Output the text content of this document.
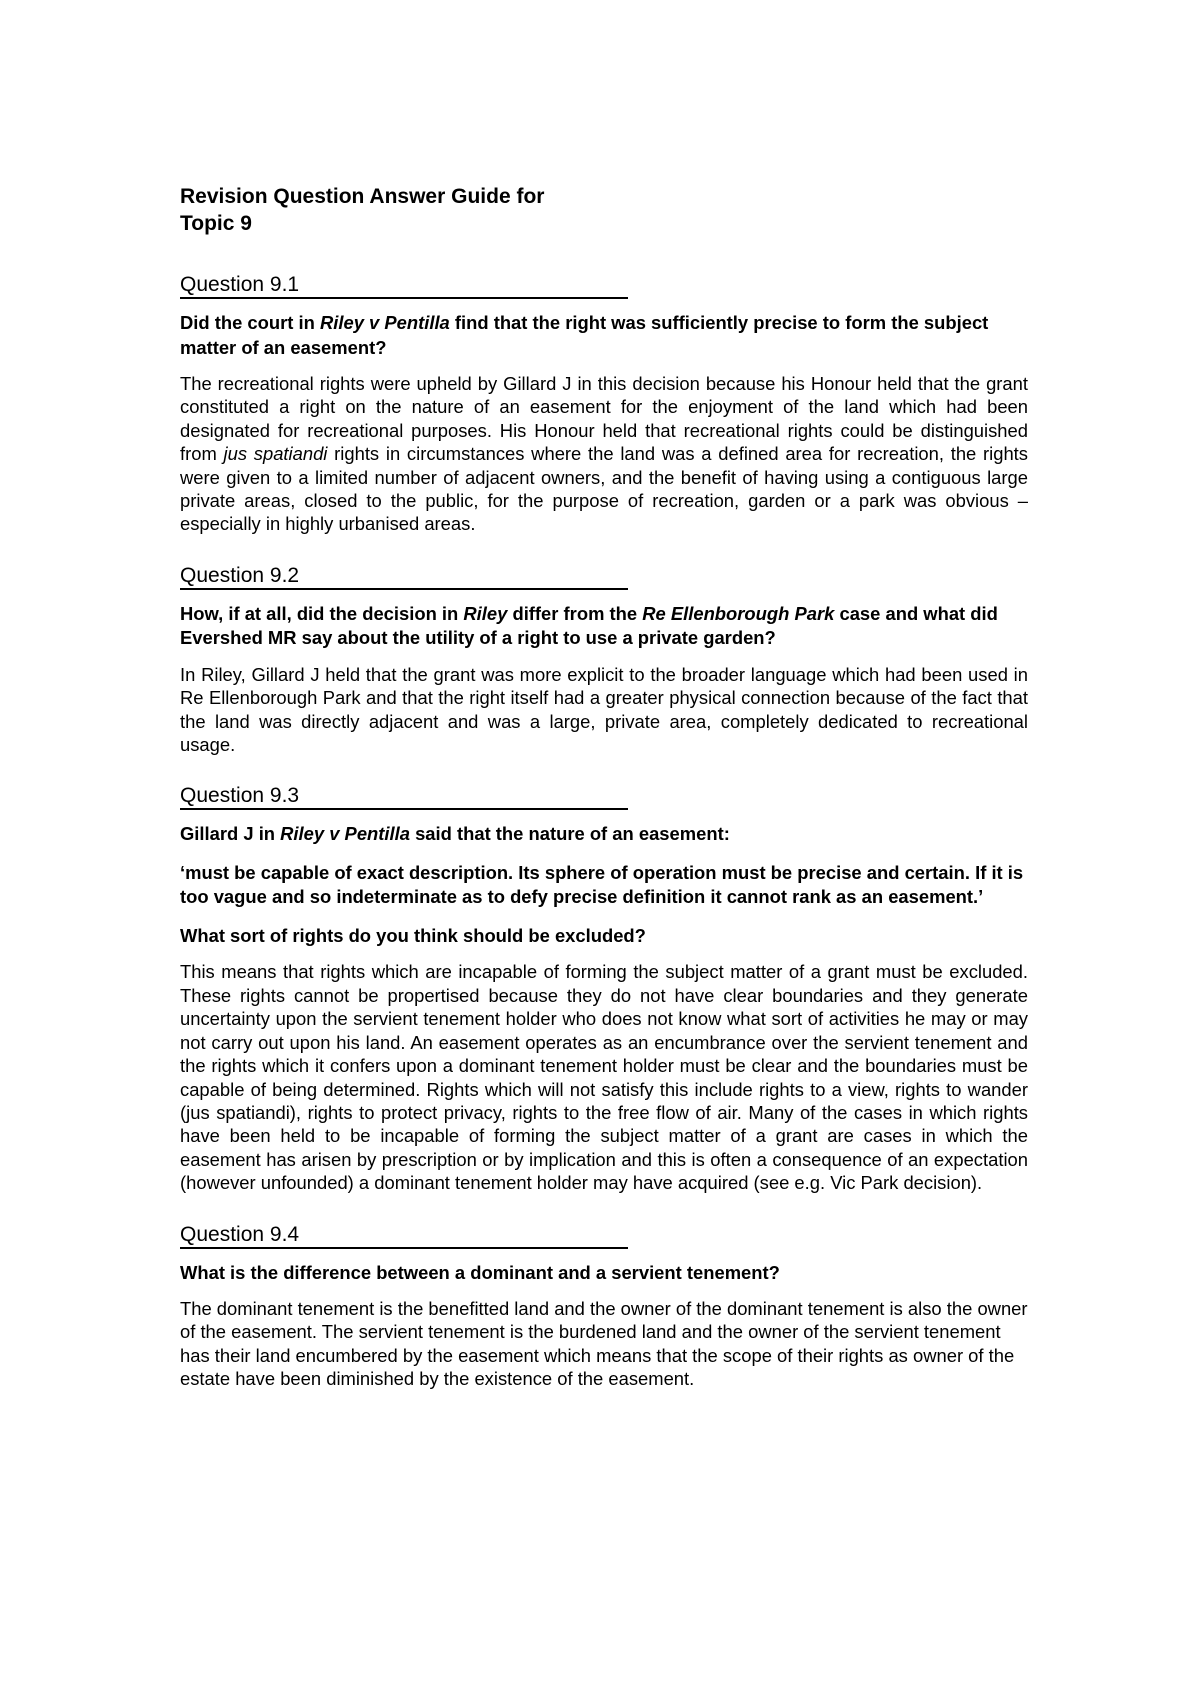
Revision Question Answer Guide for
Topic 9
Question 9.1
Did the court in Riley v Pentilla find that the right was sufficiently precise to form the subject matter of an easement?
The recreational rights were upheld by Gillard J in this decision because his Honour held that the grant constituted a right on the nature of an easement for the enjoyment of the land which had been designated for recreational purposes. His Honour held that recreational rights could be distinguished from jus spatiandi rights in circumstances where the land was a defined area for recreation, the rights were given to a limited number of adjacent owners, and the benefit of having using a contiguous large private areas, closed to the public, for the purpose of recreation, garden or a park was obvious – especially in highly urbanised areas.
Question 9.2
How, if at all, did the decision in Riley differ from the Re Ellenborough Park case and what did Evershed MR say about the utility of a right to use a private garden?
In Riley, Gillard J held that the grant was more explicit to the broader language which had been used in Re Ellenborough Park and that the right itself had a greater physical connection because of the fact that the land was directly adjacent and was a large, private area, completely dedicated to recreational usage.
Question 9.3
Gillard J in Riley v Pentilla said that the nature of an easement:
‘must be capable of exact description. Its sphere of operation must be precise and certain. If it is too vague and so indeterminate as to defy precise definition it cannot rank as an easement.’
What sort of rights do you think should be excluded?
This means that rights which are incapable of forming the subject matter of a grant must be excluded. These rights cannot be propertised because they do not have clear boundaries and they generate uncertainty upon the servient tenement holder who does not know what sort of activities he may or may not carry out upon his land. An easement operates as an encumbrance over the servient tenement and the rights which it confers upon a dominant tenement holder must be clear and the boundaries must be capable of being determined. Rights which will not satisfy this include rights to a view, rights to wander (jus spatiandi), rights to protect privacy, rights to the free flow of air. Many of the cases in which rights have been held to be incapable of forming the subject matter of a grant are cases in which the easement has arisen by prescription or by implication and this is often a consequence of an expectation (however unfounded) a dominant tenement holder may have acquired (see e.g. Vic Park decision).
Question 9.4
What is the difference between a dominant and a servient tenement?
The dominant tenement is the benefitted land and the owner of the dominant tenement is also the owner of the easement. The servient tenement is the burdened land and the owner of the servient tenement has their land encumbered by the easement which means that the scope of their rights as owner of the estate have been diminished by the existence of the easement.
